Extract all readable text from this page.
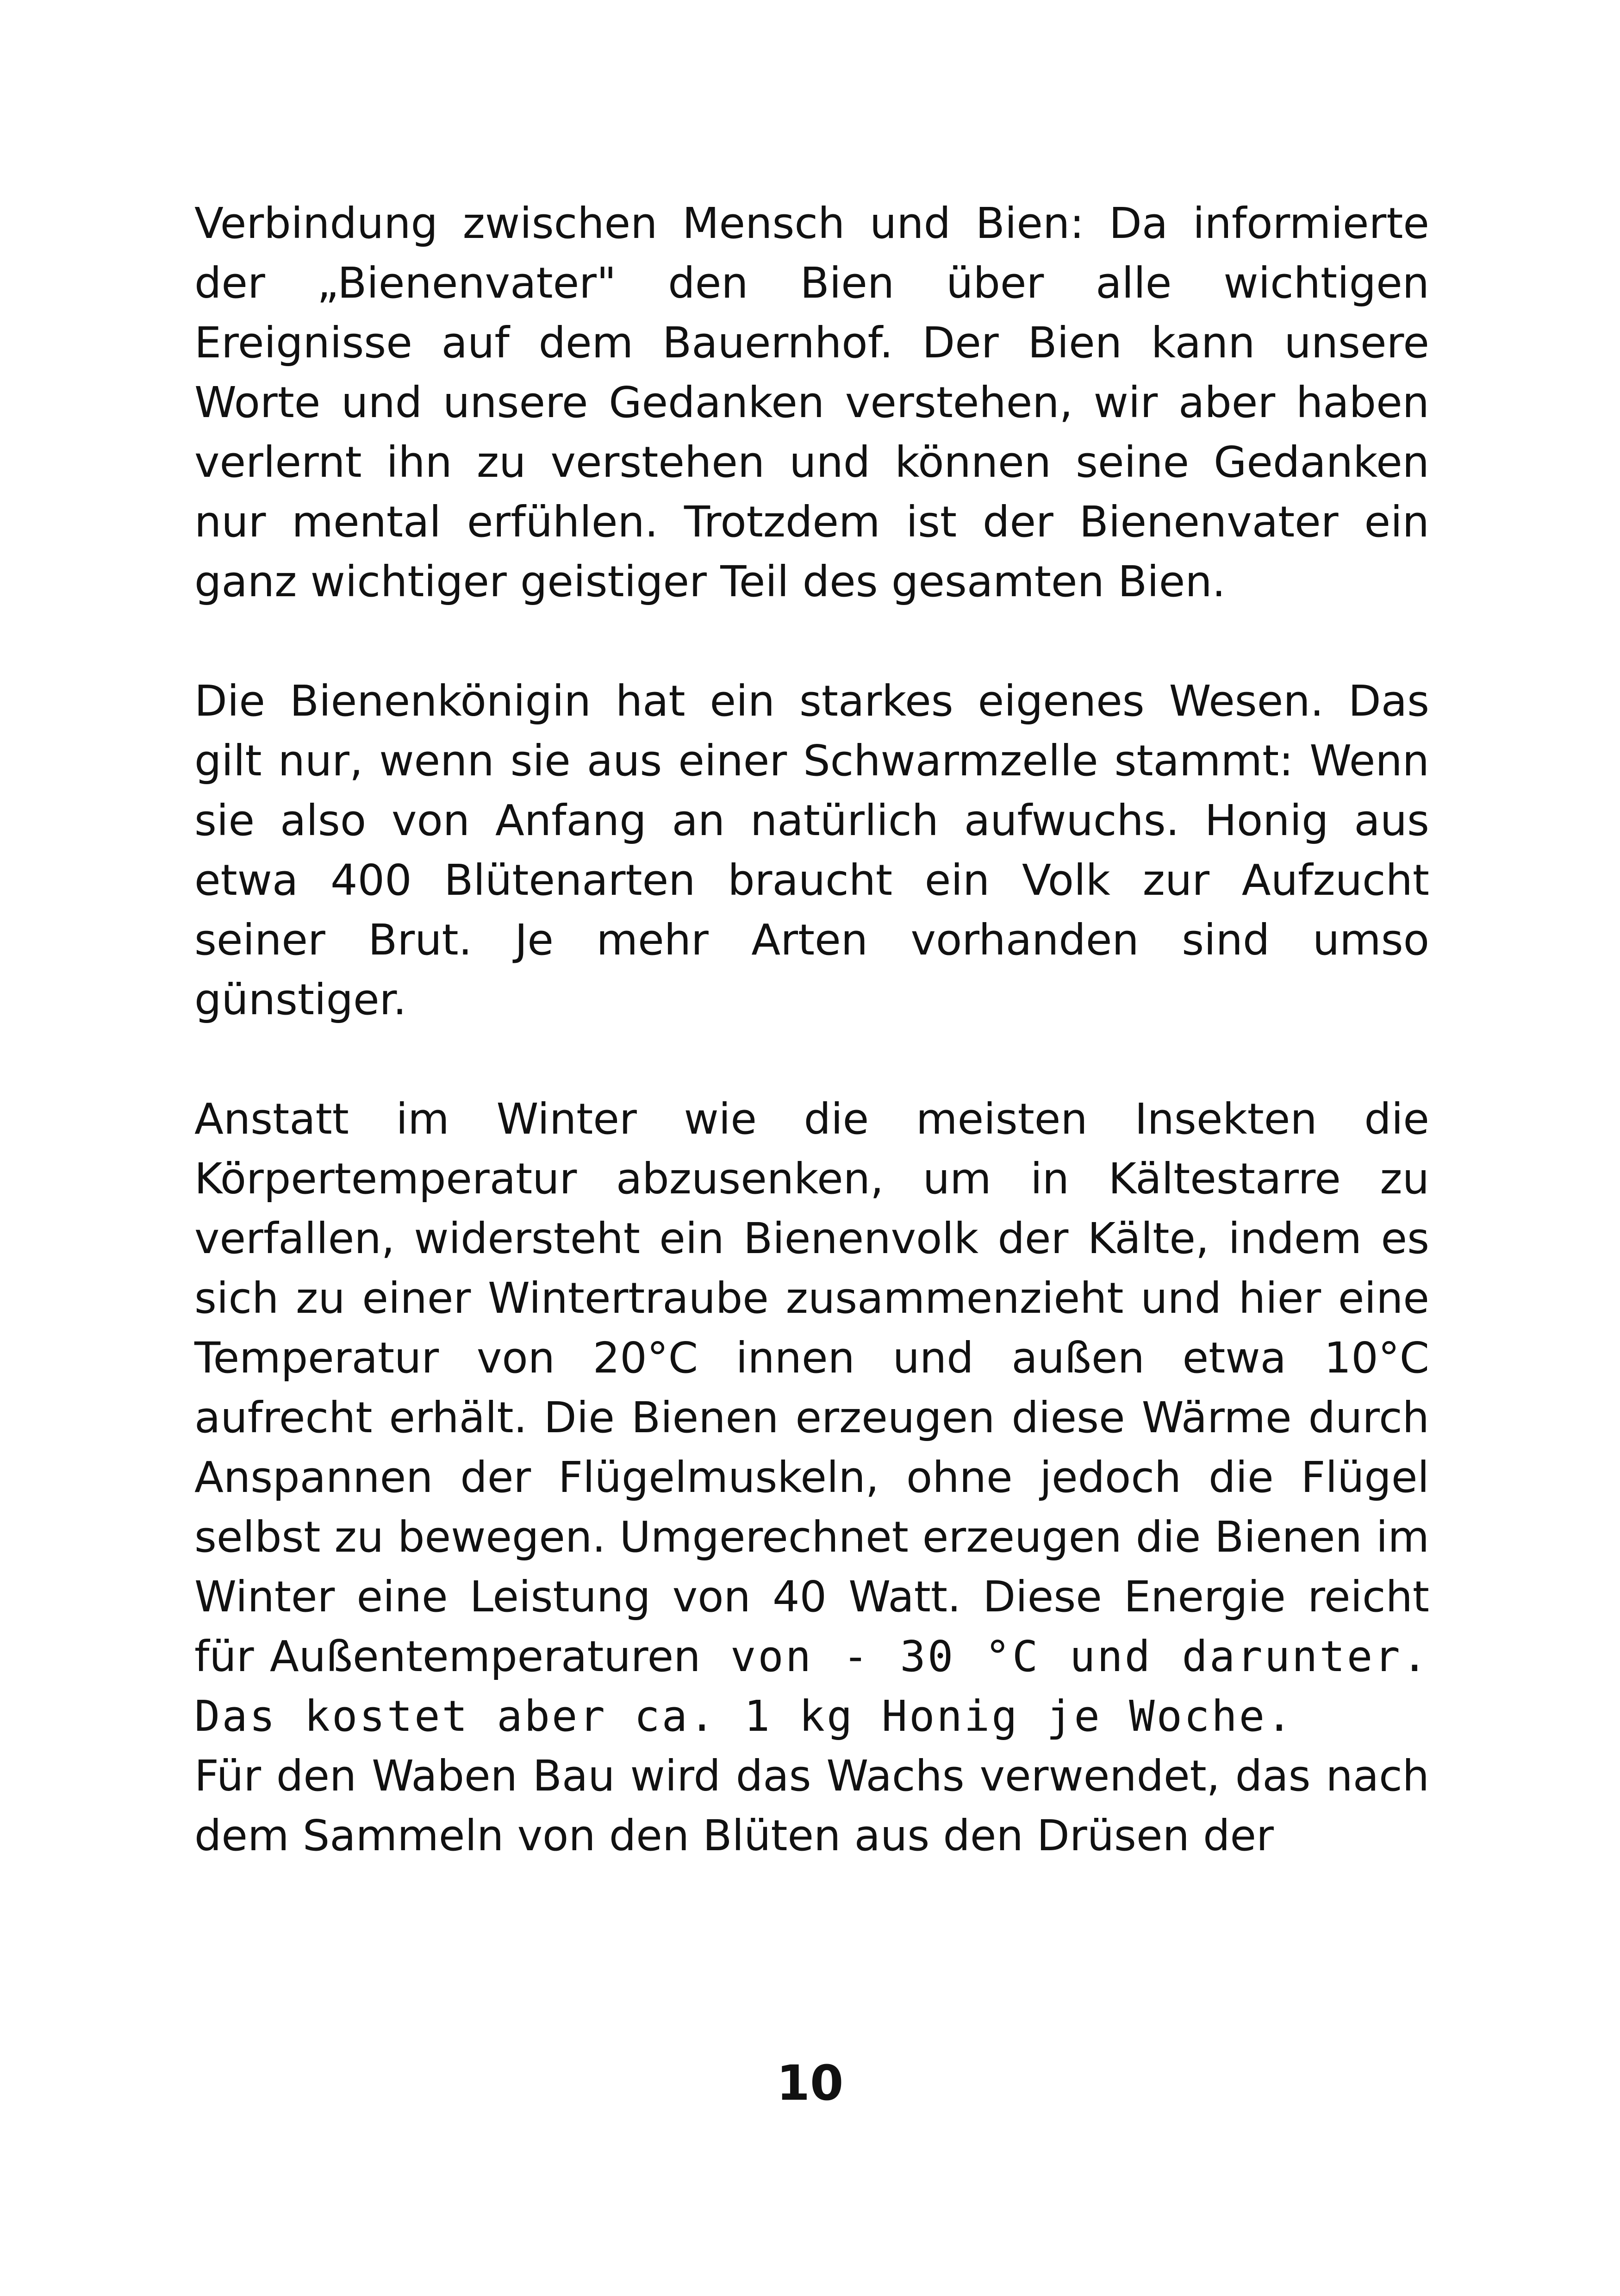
Verbindung zwischen Mensch und Bien: Da informierte der „Bienenvater" den Bien über alle wichtigen Ereignisse auf dem Bauernhof. Der Bien kann unsere Worte und unsere Gedanken verstehen, wir aber haben verlernt ihn zu verstehen und können seine Gedanken nur mental erfühlen. Trotzdem ist der Bienenvater ein ganz wichtiger geistiger Teil des gesamten Bien.

Die Bienenkönigin hat ein starkes eigenes Wesen. Das gilt nur, wenn sie aus einer Schwarmzelle stammt: Wenn sie also von Anfang an natürlich aufwuchs. Honig aus etwa 400 Blütenarten braucht ein Volk zur Aufzucht seiner Brut. Je mehr Arten vorhanden sind umso günstiger.

Anstatt im Winter wie die meisten Insekten die Körpertemperatur abzusenken, um in Kältestarre zu verfallen, widersteht ein Bienenvolk der Kälte, indem es sich zu einer Wintertraube zusammenzieht und hier eine Temperatur von 20°C innen und außen etwa 10°C aufrecht erhält. Die Bienen erzeugen diese Wärme durch Anspannen der Flügelmuskeln, ohne jedoch die Flügel selbst zu bewegen. Umgerechnet erzeugen die Bienen im Winter eine Leistung von 40 Watt. Diese Energie reicht für Außentemperaturen von - 30 °C und darunter. Das kostet aber ca. 1 kg Honig je Woche.

Für den Waben Bau wird das Wachs verwendet, das nach dem Sammeln von den Blüten aus den Drüsen der

10
